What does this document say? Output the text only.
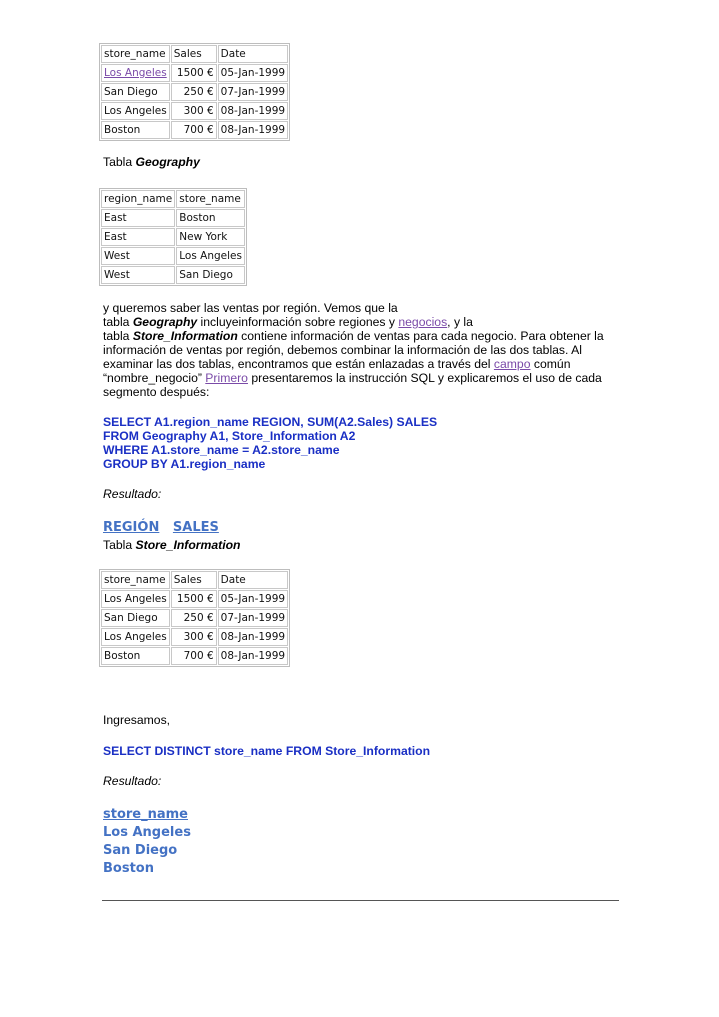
store_name	Sales	Date
Los Angeles	1500 €	05-Jan-1999
San Diego	250 €	07-Jan-1999
Los Angeles	300 €	08-Jan-1999
Boston	700 €	08-Jan-1999
Tabla Geography
region_name	store_name
East	Boston
East	New York
West	Los Angeles
West	San Diego

y queremos saber las ventas por región. Vemos que la

tabla Geography incluyeinformación sobre regiones y negocios, y la

tabla Store_Information contiene información de ventas para cada negocio. Para obtener la

información de ventas por región, debemos combinar la información de las dos tablas. Al

examinar las dos tablas, encontramos que están enlazadas a través del campo común

“nombre_negocio” Primero presentaremos la instrucción SQL y explicaremos el uso de cada

segmento después:

SELECT A1.region_name REGION, SUM(A2.Sales) SALES
FROM Geography A1, Store_Information A2
WHERE A1.store_name = A2.store_name
GROUP BY A1.region_name
Resultado:
REGIÓN SALES
Tabla Store_Information
store_name	Sales	Date
Los Angeles	1500 €	05-Jan-1999
San Diego	250 €	07-Jan-1999
Los Angeles	300 €	08-Jan-1999
Boston	700 €	08-Jan-1999
Ingresamos,
SELECT DISTINCT store_name FROM Store_Information
Resultado:
store_name
Los Angeles
San Diego
Boston
